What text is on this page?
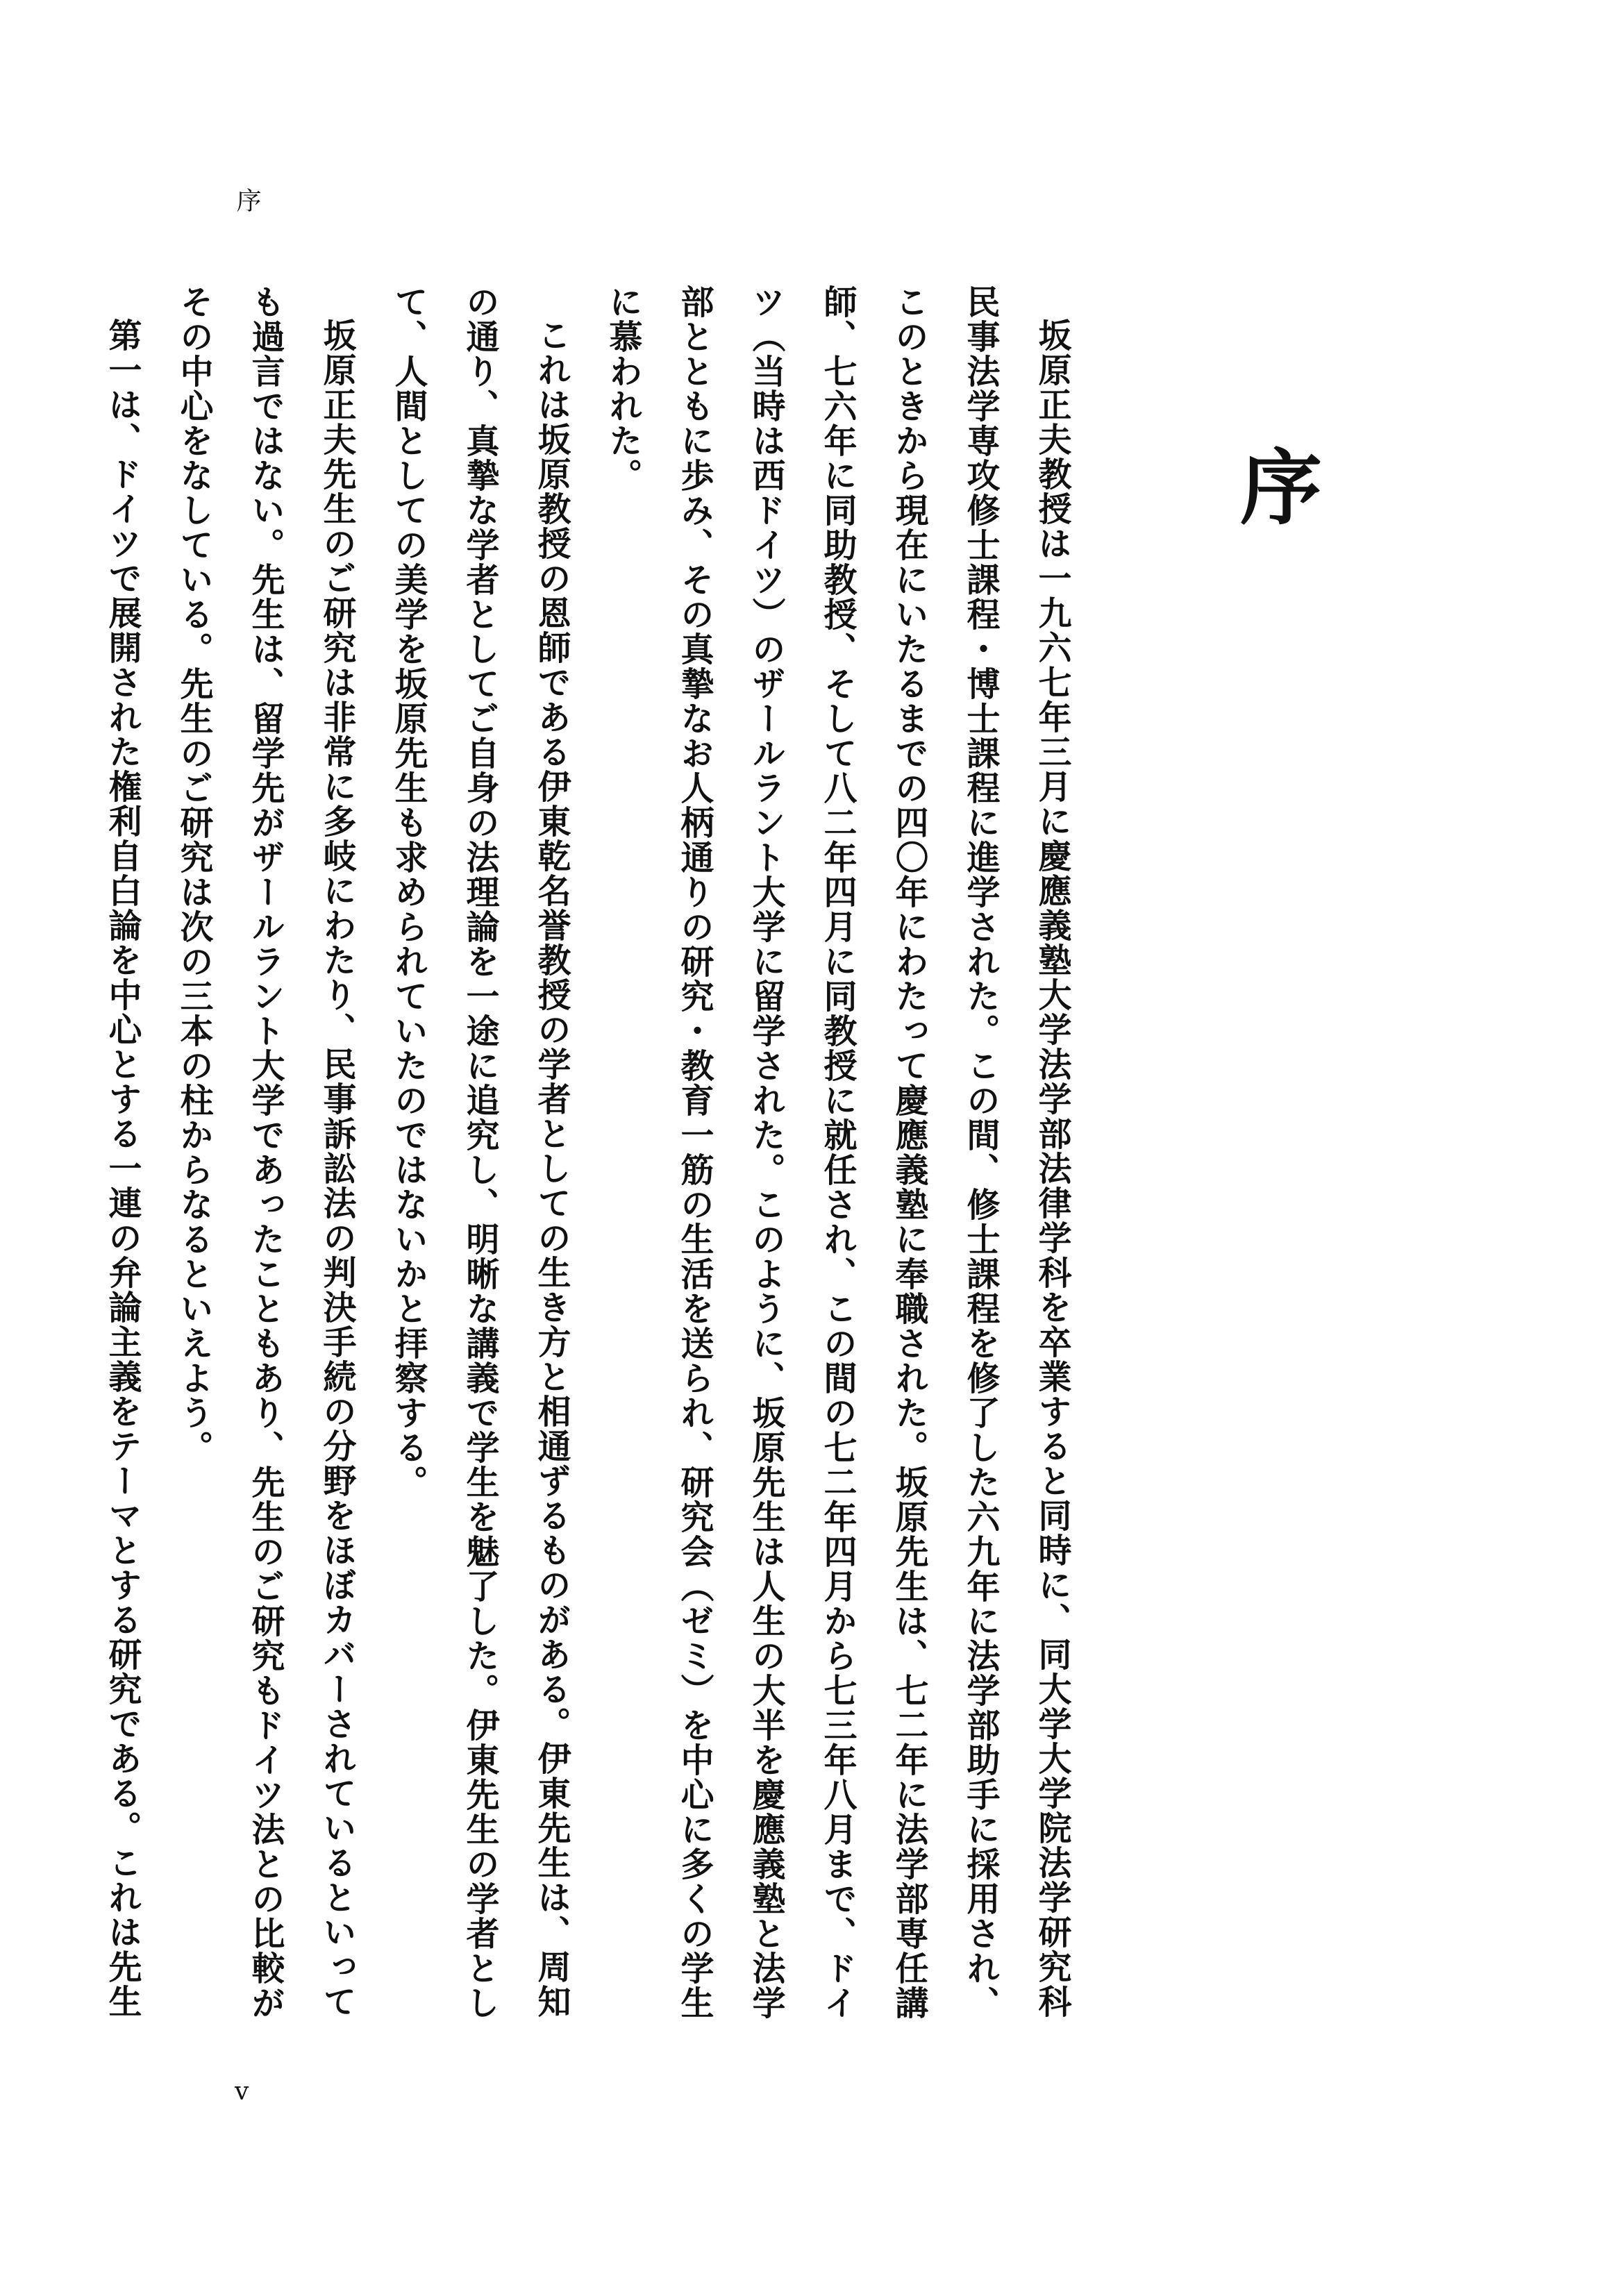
序
序

坂原正夫教授は一九六七年三月に慶應義塾大学法学部法律学科を卒業すると同時に、同大学大学院法学研究科民事法学専攻修士課程・博士課程に進学された。この間、修士課程を修了した六九年に法学部助手に採用され、このときから現在にいたるまでの四〇年にわたって慶應義塾に奉職された。坂原先生は、七二年に法学部専任講師、七六年に同助教授、そして八二年四月に同教授に就任され、この間の七二年四月から七三年八月まで、ドイツ（当時は西ドイツ）のザールラント大学に留学された。このように、坂原先生は人生の大半を慶應義塾と法学部とともに歩み、その真摯なお人柄通りの研究・教育一筋の生活を送られ、研究会（ゼミ）を中心に多くの学生に慕われた。

これは坂原教授の恩師である伊東乾名誉教授の学者としての生き方と相通ずるものがある。伊東先生は、周知の通り、真摯な学者としてご自身の法理論を一途に追究し、明晰な講義で学生を魅了した。伊東先生の学者として、人間としての美学を坂原先生も求められていたのではないかと拝察する。

坂原正夫先生のご研究は非常に多岐にわたり、民事訴訟法の判決手続の分野をほぼカバーされているといっても過言ではない。先生は、留学先がザールラント大学であったこともあり、先生のご研究もドイツ法との比較がその中心をなしている。先生のご研究は次の三本の柱からなるといえよう。

第一は、ドイツで展開された権利自白論を中心とする一連の弁論主義をテーマとする研究である。これは先生

v
